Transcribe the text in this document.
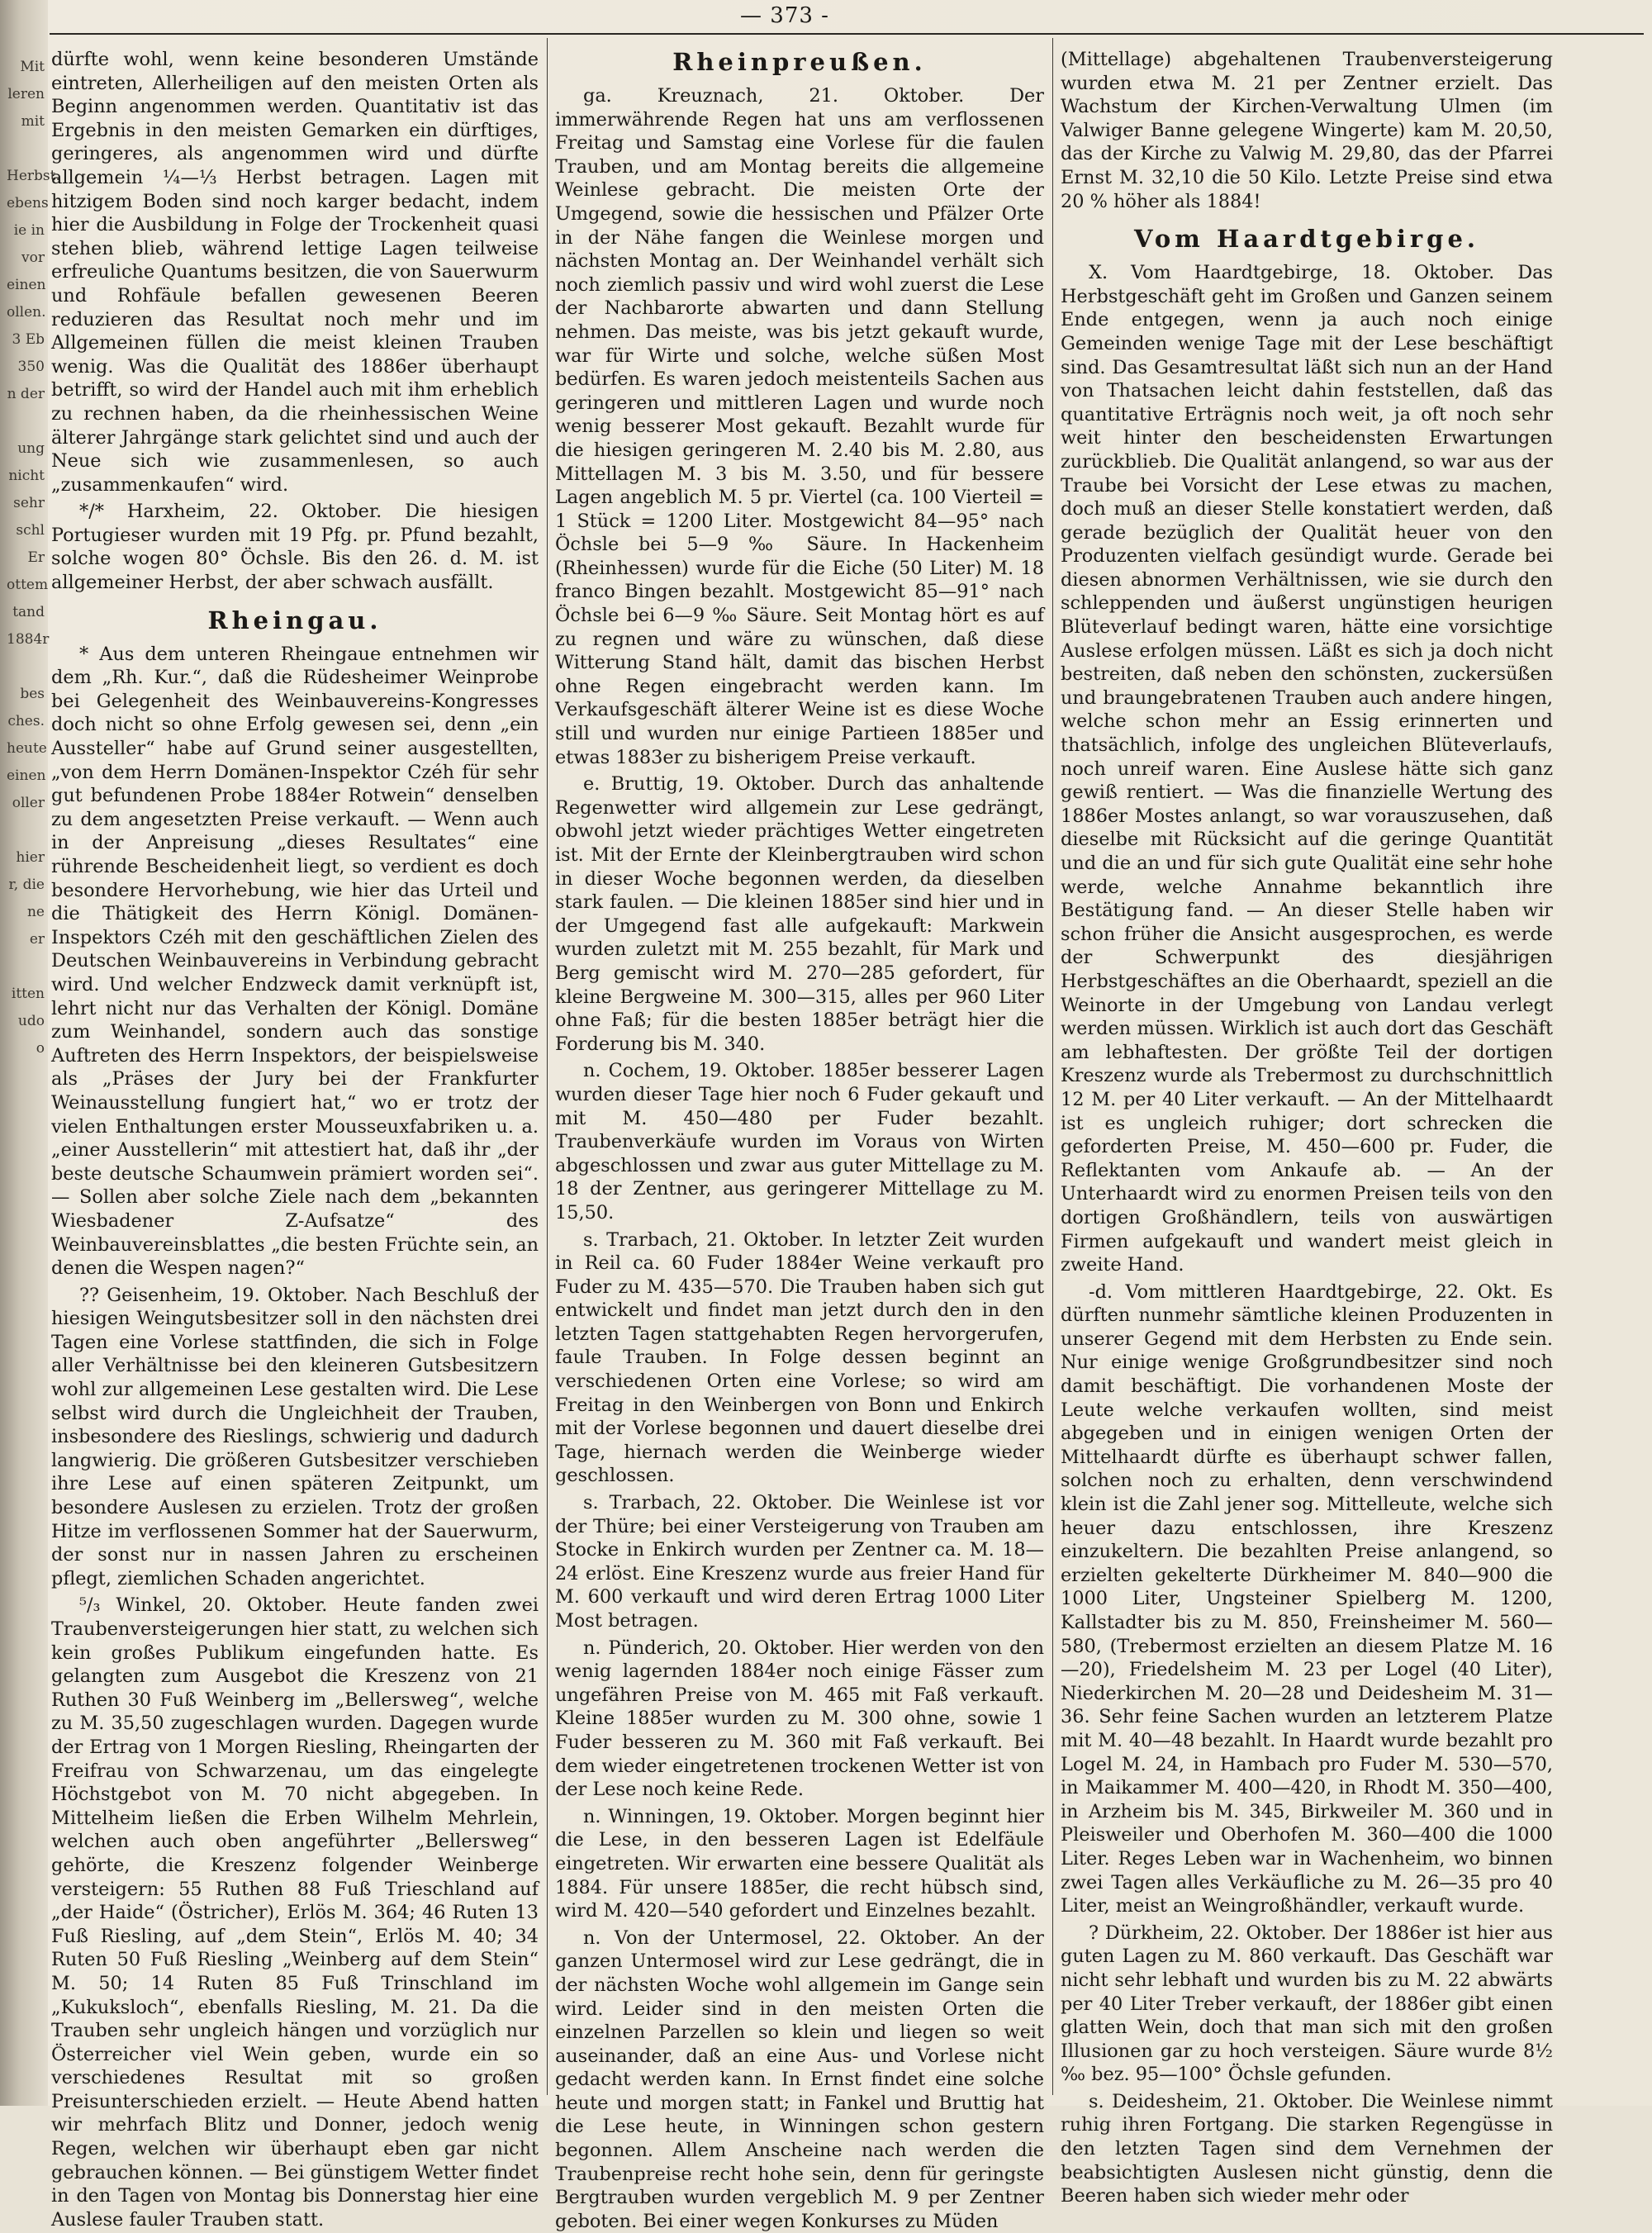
Mit
leren
mit
Herbst.
ebens
ie in
vor
einen
ollen.
3 Eb
350
n der
ung
nicht
sehr
schl
Er
ottem
tand
1884r
bes
ches.
heute
einen
oller
hier
r, die
ne
er
itten
udo
o
— 373 -

dürfte wohl, wenn keine besonderen Umstände eintreten, Allerheiligen auf den meisten Orten als Beginn angenommen werden. Quantitativ ist das Ergebnis in den meisten Gemarken ein dürftiges, geringeres, als angenommen wird und dürfte allgemein ¼—⅓ Herbst betragen. Lagen mit hitzigem Boden sind noch karger bedacht, indem hier die Ausbildung in Folge der Trockenheit quasi stehen blieb, während lettige Lagen teilweise erfreuliche Quantums besitzen, die von Sauerwurm und Rohfäule befallen gewesenen Beeren reduzieren das Resultat noch mehr und im Allgemeinen füllen die meist kleinen Trauben wenig. Was die Qualität des 1886er überhaupt betrifft, so wird der Handel auch mit ihm erheblich zu rechnen haben, da die rheinhessischen Weine älterer Jahrgänge stark gelichtet sind und auch der Neue sich wie zusammenlesen, so auch „zusammenkaufen“ wird.

*/* Harxheim, 22. Oktober. Die hiesigen Portugieser wurden mit 19 Pfg. pr. Pfund bezahlt, solche wogen 80° Öchsle. Bis den 26. d. M. ist allgemeiner Herbst, der aber schwach ausfällt.

Rheingau.

* Aus dem unteren Rheingaue entnehmen wir dem „Rh. Kur.“, daß die Rüdesheimer Weinprobe bei Gelegenheit des Weinbauvereins-Kongresses doch nicht so ohne Erfolg gewesen sei, denn „ein Aussteller“ habe auf Grund seiner ausgestellten, „von dem Herrn Domänen-Inspektor Czéh für sehr gut befundenen Probe 1884er Rotwein“ denselben zu dem angesetzten Preise verkauft. — Wenn auch in der Anpreisung „dieses Resultates“ eine rührende Bescheidenheit liegt, so verdient es doch besondere Hervorhebung, wie hier das Urteil und die Thätigkeit des Herrn Königl. Domänen-Inspektors Czéh mit den geschäftlichen Zielen des Deutschen Weinbauvereins in Verbindung gebracht wird. Und welcher Endzweck damit verknüpft ist, lehrt nicht nur das Verhalten der Königl. Domäne zum Weinhandel, sondern auch das sonstige Auftreten des Herrn Inspektors, der beispielsweise als „Präses der Jury bei der Frankfurter Weinausstellung fungiert hat,“ wo er trotz der vielen Enthaltungen erster Mousseuxfabriken u. a. „einer Ausstellerin“ mit attestiert hat, daß ihr „der beste deutsche Schaumwein prämiert worden sei“. — Sollen aber solche Ziele nach dem „bekannten Wiesbadener Z-Aufsatze“ des Weinbauvereinsblattes „die besten Früchte sein, an denen die Wespen nagen?“

?? Geisenheim, 19. Oktober. Nach Beschluß der hiesigen Weingutsbesitzer soll in den nächsten drei Tagen eine Vorlese stattfinden, die sich in Folge aller Verhältnisse bei den kleineren Gutsbesitzern wohl zur allgemeinen Lese gestalten wird. Die Lese selbst wird durch die Ungleichheit der Trauben, insbesondere des Rieslings, schwierig und dadurch langwierig. Die größeren Gutsbesitzer verschieben ihre Lese auf einen späteren Zeitpunkt, um besondere Auslesen zu erzielen. Trotz der großen Hitze im verflossenen Sommer hat der Sauerwurm, der sonst nur in nassen Jahren zu erscheinen pflegt, ziemlichen Schaden angerichtet.

⁵/₃ Winkel, 20. Oktober. Heute fanden zwei Traubenversteigerungen hier statt, zu welchen sich kein großes Publikum eingefunden hatte. Es gelangten zum Ausgebot die Kreszenz von 21 Ruthen 30 Fuß Weinberg im „Bellersweg“, welche zu M. 35,50 zugeschlagen wurden. Dagegen wurde der Ertrag von 1 Morgen Riesling, Rheingarten der Freifrau von Schwarzenau, um das eingelegte Höchstgebot von M. 70 nicht abgegeben. In Mittelheim ließen die Erben Wilhelm Mehrlein, welchen auch oben angeführter „Bellersweg“ gehörte, die Kreszenz folgender Weinberge versteigern: 55 Ruthen 88 Fuß Trieschland auf „der Haide“ (Östricher), Erlös M. 364; 46 Ruten 13 Fuß Riesling, auf „dem Stein“, Erlös M. 40; 34 Ruten 50 Fuß Riesling „Weinberg auf dem Stein“ M. 50; 14 Ruten 85 Fuß Trinschland im „Kukuksloch“, ebenfalls Riesling, M. 21. Da die Trauben sehr ungleich hängen und vorzüglich nur Österreicher viel Wein geben, wurde ein so verschiedenes Resultat mit so großen Preisunterschieden erzielt. — Heute Abend hatten wir mehrfach Blitz und Donner, jedoch wenig Regen, welchen wir überhaupt eben gar nicht gebrauchen können. — Bei günstigem Wetter findet in den Tagen von Montag bis Donnerstag hier eine Auslese fauler Trauben statt.

Rheinpreußen.

ga. Kreuznach, 21. Oktober. Der immerwährende Regen hat uns am verflossenen Freitag und Samstag eine Vorlese für die faulen Trauben, und am Montag bereits die allgemeine Weinlese gebracht. Die meisten Orte der Umgegend, sowie die hessischen und Pfälzer Orte in der Nähe fangen die Weinlese morgen und nächsten Montag an. Der Weinhandel verhält sich noch ziemlich passiv und wird wohl zuerst die Lese der Nachbarorte abwarten und dann Stellung nehmen. Das meiste, was bis jetzt gekauft wurde, war für Wirte und solche, welche süßen Most bedürfen. Es waren jedoch meistenteils Sachen aus geringeren und mittleren Lagen und wurde noch wenig besserer Most gekauft. Bezahlt wurde für die hiesigen geringeren M. 2.40 bis M. 2.80, aus Mittellagen M. 3 bis M. 3.50, und für bessere Lagen angeblich M. 5 pr. Viertel (ca. 100 Vierteil = 1 Stück = 1200 Liter. Mostgewicht 84—95° nach Öchsle bei 5—9 ‰ Säure. In Hackenheim (Rheinhessen) wurde für die Eiche (50 Liter) M. 18 franco Bingen bezahlt. Mostgewicht 85—91° nach Öchsle bei 6—9 ‰ Säure. Seit Montag hört es auf zu regnen und wäre zu wünschen, daß diese Witterung Stand hält, damit das bischen Herbst ohne Regen eingebracht werden kann. Im Verkaufsgeschäft älterer Weine ist es diese Woche still und wurden nur einige Partieen 1885er und etwas 1883er zu bisherigem Preise verkauft.

e. Bruttig, 19. Oktober. Durch das anhaltende Regenwetter wird allgemein zur Lese gedrängt, obwohl jetzt wieder prächtiges Wetter eingetreten ist. Mit der Ernte der Kleinbergtrauben wird schon in dieser Woche begonnen werden, da dieselben stark faulen. — Die kleinen 1885er sind hier und in der Umgegend fast alle aufgekauft: Markwein wurden zuletzt mit M. 255 bezahlt, für Mark und Berg gemischt wird M. 270—285 gefordert, für kleine Bergweine M. 300—315, alles per 960 Liter ohne Faß; für die besten 1885er beträgt hier die Forderung bis M. 340.

n. Cochem, 19. Oktober. 1885er besserer Lagen wurden dieser Tage hier noch 6 Fuder gekauft und mit M. 450—480 per Fuder bezahlt. Traubenverkäufe wurden im Voraus von Wirten abgeschlossen und zwar aus guter Mittellage zu M. 18 der Zentner, aus geringerer Mittellage zu M. 15,50.

s. Trarbach, 21. Oktober. In letzter Zeit wurden in Reil ca. 60 Fuder 1884er Weine verkauft pro Fuder zu M. 435—570. Die Trauben haben sich gut entwickelt und findet man jetzt durch den in den letzten Tagen stattgehabten Regen hervorgerufen, faule Trauben. In Folge dessen beginnt an verschiedenen Orten eine Vorlese; so wird am Freitag in den Weinbergen von Bonn und Enkirch mit der Vorlese begonnen und dauert dieselbe drei Tage, hiernach werden die Weinberge wieder geschlossen.

s. Trarbach, 22. Oktober. Die Weinlese ist vor der Thüre; bei einer Versteigerung von Trauben am Stocke in Enkirch wurden per Zentner ca. M. 18—24 erlöst. Eine Kreszenz wurde aus freier Hand für M. 600 verkauft und wird deren Ertrag 1000 Liter Most betragen.

n. Pünderich, 20. Oktober. Hier werden von den wenig lagernden 1884er noch einige Fässer zum ungefähren Preise von M. 465 mit Faß verkauft. Kleine 1885er wurden zu M. 300 ohne, sowie 1 Fuder besseren zu M. 360 mit Faß verkauft. Bei dem wieder eingetretenen trockenen Wetter ist von der Lese noch keine Rede.

n. Winningen, 19. Oktober. Morgen beginnt hier die Lese, in den besseren Lagen ist Edelfäule eingetreten. Wir erwarten eine bessere Qualität als 1884. Für unsere 1885er, die recht hübsch sind, wird M. 420—540 gefordert und Einzelnes bezahlt.

n. Von der Untermosel, 22. Oktober. An der ganzen Untermosel wird zur Lese gedrängt, die in der nächsten Woche wohl allgemein im Gange sein wird. Leider sind in den meisten Orten die einzelnen Parzellen so klein und liegen so weit auseinander, daß an eine Aus- und Vorlese nicht gedacht werden kann. In Ernst findet eine solche heute und morgen statt; in Fankel und Bruttig hat die Lese heute, in Winningen schon gestern begonnen. Allem Anscheine nach werden die Traubenpreise recht hohe sein, denn für geringste Bergtrauben wurden vergeblich M. 9 per Zentner geboten. Bei einer wegen Konkurses zu Müden

(Mittellage) abgehaltenen Traubenversteigerung wurden etwa M. 21 per Zentner erzielt. Das Wachstum der Kirchen-Verwaltung Ulmen (im Valwiger Banne gelegene Wingerte) kam M. 20,50, das der Kirche zu Valwig M. 29,80, das der Pfarrei Ernst M. 32,10 die 50 Kilo. Letzte Preise sind etwa 20 % höher als 1884!

Vom Haardtgebirge.

X. Vom Haardtgebirge, 18. Oktober. Das Herbstgeschäft geht im Großen und Ganzen seinem Ende entgegen, wenn ja auch noch einige Gemeinden wenige Tage mit der Lese beschäftigt sind. Das Gesamtresultat läßt sich nun an der Hand von Thatsachen leicht dahin feststellen, daß das quantitative Erträgnis noch weit, ja oft noch sehr weit hinter den bescheidensten Erwartungen zurückblieb. Die Qualität anlangend, so war aus der Traube bei Vorsicht der Lese etwas zu machen, doch muß an dieser Stelle konstatiert werden, daß gerade bezüglich der Qualität heuer von den Produzenten vielfach gesündigt wurde. Gerade bei diesen abnormen Verhältnissen, wie sie durch den schleppenden und äußerst ungünstigen heurigen Blüteverlauf bedingt waren, hätte eine vorsichtige Auslese erfolgen müssen. Läßt es sich ja doch nicht bestreiten, daß neben den schönsten, zuckersüßen und braungebratenen Trauben auch andere hingen, welche schon mehr an Essig erinnerten und thatsächlich, infolge des ungleichen Blüteverlaufs, noch unreif waren. Eine Auslese hätte sich ganz gewiß rentiert. — Was die finanzielle Wertung des 1886er Mostes anlangt, so war vorauszusehen, daß dieselbe mit Rücksicht auf die geringe Quantität und die an und für sich gute Qualität eine sehr hohe werde, welche Annahme bekanntlich ihre Bestätigung fand. — An dieser Stelle haben wir schon früher die Ansicht ausgesprochen, es werde der Schwerpunkt des diesjährigen Herbstgeschäftes an die Oberhaardt, speziell an die Weinorte in der Umgebung von Landau verlegt werden müssen. Wirklich ist auch dort das Geschäft am lebhaftesten. Der größte Teil der dortigen Kreszenz wurde als Trebermost zu durchschnittlich 12 M. per 40 Liter verkauft. — An der Mittelhaardt ist es ungleich ruhiger; dort schrecken die geforderten Preise, M. 450—600 pr. Fuder, die Reflektanten vom Ankaufe ab. — An der Unterhaardt wird zu enormen Preisen teils von den dortigen Großhändlern, teils von auswärtigen Firmen aufgekauft und wandert meist gleich in zweite Hand.

-d. Vom mittleren Haardtgebirge, 22. Okt. Es dürften nunmehr sämtliche kleinen Produzenten in unserer Gegend mit dem Herbsten zu Ende sein. Nur einige wenige Großgrundbesitzer sind noch damit beschäftigt. Die vorhandenen Moste der Leute welche verkaufen wollten, sind meist abgegeben und in einigen wenigen Orten der Mittelhaardt dürfte es überhaupt schwer fallen, solchen noch zu erhalten, denn verschwindend klein ist die Zahl jener sog. Mittelleute, welche sich heuer dazu entschlossen, ihre Kreszenz einzukeltern. Die bezahlten Preise anlangend, so erzielten gekelterte Dürkheimer M. 840—900 die 1000 Liter, Ungsteiner Spielberg M. 1200, Kallstadter bis zu M. 850, Freinsheimer M. 560—580, (Trebermost erzielten an diesem Platze M. 16—20), Friedelsheim M. 23 per Logel (40 Liter), Niederkirchen M. 20—28 und Deidesheim M. 31—36. Sehr feine Sachen wurden an letzterem Platze mit M. 40—48 bezahlt. In Haardt wurde bezahlt pro Logel M. 24, in Hambach pro Fuder M. 530—570, in Maikammer M. 400—420, in Rhodt M. 350—400, in Arzheim bis M. 345, Birkweiler M. 360 und in Pleisweiler und Oberhofen M. 360—400 die 1000 Liter. Reges Leben war in Wachenheim, wo binnen zwei Tagen alles Verkäufliche zu M. 26—35 pro 40 Liter, meist an Weingroßhändler, verkauft wurde.

? Dürkheim, 22. Oktober. Der 1886er ist hier aus guten Lagen zu M. 860 verkauft. Das Geschäft war nicht sehr lebhaft und wurden bis zu M. 22 abwärts per 40 Liter Treber verkauft, der 1886er gibt einen glatten Wein, doch that man sich mit den großen Illusionen gar zu hoch versteigen. Säure wurde 8½ ‰ bez. 95—100° Öchsle gefunden.

s. Deidesheim, 21. Oktober. Die Weinlese nimmt ruhig ihren Fortgang. Die starken Regengüsse in den letzten Tagen sind dem Vernehmen der beabsichtigten Auslesen nicht günstig, denn die Beeren haben sich wieder mehr oder
